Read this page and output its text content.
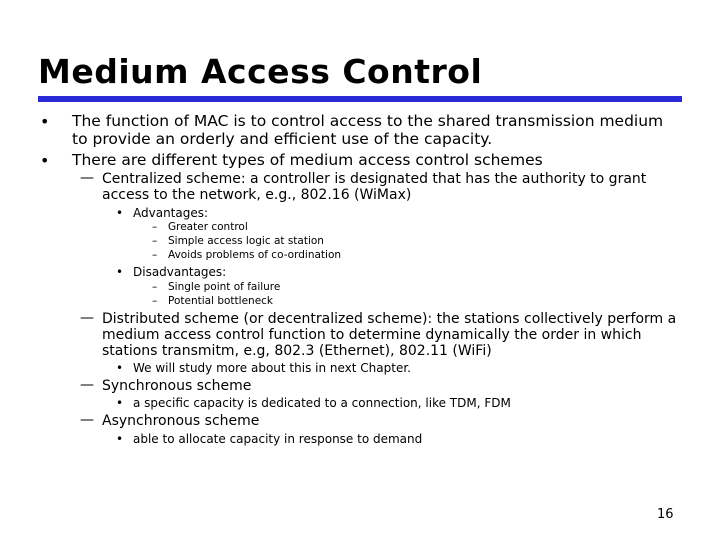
Medium Access Control
• The function of MAC is to control access to the shared transmission medium
to provide an orderly and efficient use of the capacity.
• There are different types of medium access control schemes
— Centralized scheme: a controller is designated that has the authority to grant
access to the network, e.g., 802.16 (WiMax)
• Advantages:
– Greater control
– Simple access logic at station
– Avoids problems of co-ordination
• Disadvantages:
– Single point of failure
– Potential bottleneck
— Distributed scheme (or decentralized scheme): the stations collectively perform a
medium access control function to determine dynamically the order in which
stations transmitm, e.g, 802.3 (Ethernet), 802.11 (WiFi)
• We will study more about this in next Chapter.
— Synchronous scheme
• a specific capacity is dedicated to a connection, like TDM, FDM
— Asynchronous scheme
• able to allocate capacity in response to demand
16
